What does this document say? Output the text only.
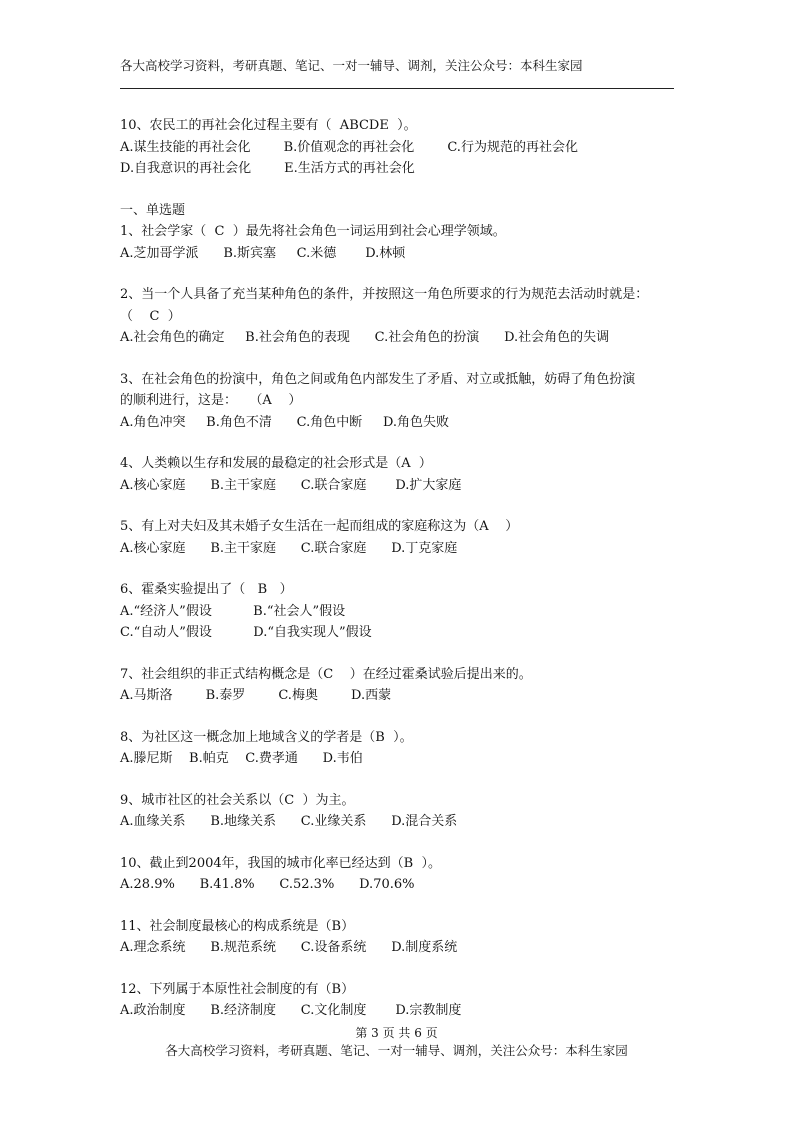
各大高校学习资料，考研真题、笔记、一对一辅导、调剂，关注公众号：本科生家园

10、农民工的再社会化过程主要有（  ABCDE  ）。

A.谋生技能的再社会化        B.价值观念的再社会化        C.行为规范的再社会化

D.自我意识的再社会化        E.生活方式的再社会化

一、单选题

1、社会学家（  C  ）最先将社会角色一词运用到社会心理学领域。

A.芝加哥学派      B.斯宾塞     C.米德       D.林顿

2、当一个人具备了充当某种角色的条件，并按照这一角色所要求的行为规范去活动时就是：

（    C  ）

A.社会角色的确定     B.社会角色的表现      C.社会角色的扮演      D.社会角色的失调

3、在社会角色的扮演中，角色之间或角色内部发生了矛盾、对立或抵触，妨碍了角色扮演

的顺利进行，这是：   （A    ）

A.角色冲突     B.角色不清      C.角色中断     D.角色失败

4、人类赖以生存和发展的最稳定的社会形式是（A  ）

A.核心家庭      B.主干家庭      C.联合家庭       D.扩大家庭

5、有上对夫妇及其未婚子女生活在一起而组成的家庭称这为（A    ）

A.核心家庭      B.主干家庭      C.联合家庭      D.丁克家庭

6、霍桑实验提出了（   B   ）

A.“经济人”假设          B.“社会人”假设

C.“自动人”假设          D.“自我实现人”假设

7、社会组织的非正式结构概念是（C    ）在经过霍桑试验后提出来的。

A.马斯洛        B.泰罗        C.梅奥        D.西蒙

8、为社区这一概念加上地域含义的学者是（B  ）。

A.滕尼斯    B.帕克    C.费孝通      D.韦伯

9、城市社区的社会关系以（C  ）为主。

A.血缘关系      B.地缘关系      C.业缘关系      D.混合关系

10、截止到2004年，我国的城市化率已经达到（B  ）。

A.28.9%      B.41.8%      C.52.3%      D.70.6%

11、社会制度最核心的构成系统是（B）

A.理念系统      B.规范系统      C.设备系统      D.制度系统

12、下列属于本原性社会制度的有（B）

A.政治制度      B.经济制度      C.文化制度       D.宗教制度

第 3 页 共 6 页
各大高校学习资料，考研真题、笔记、一对一辅导、调剂，关注公众号：本科生家园
